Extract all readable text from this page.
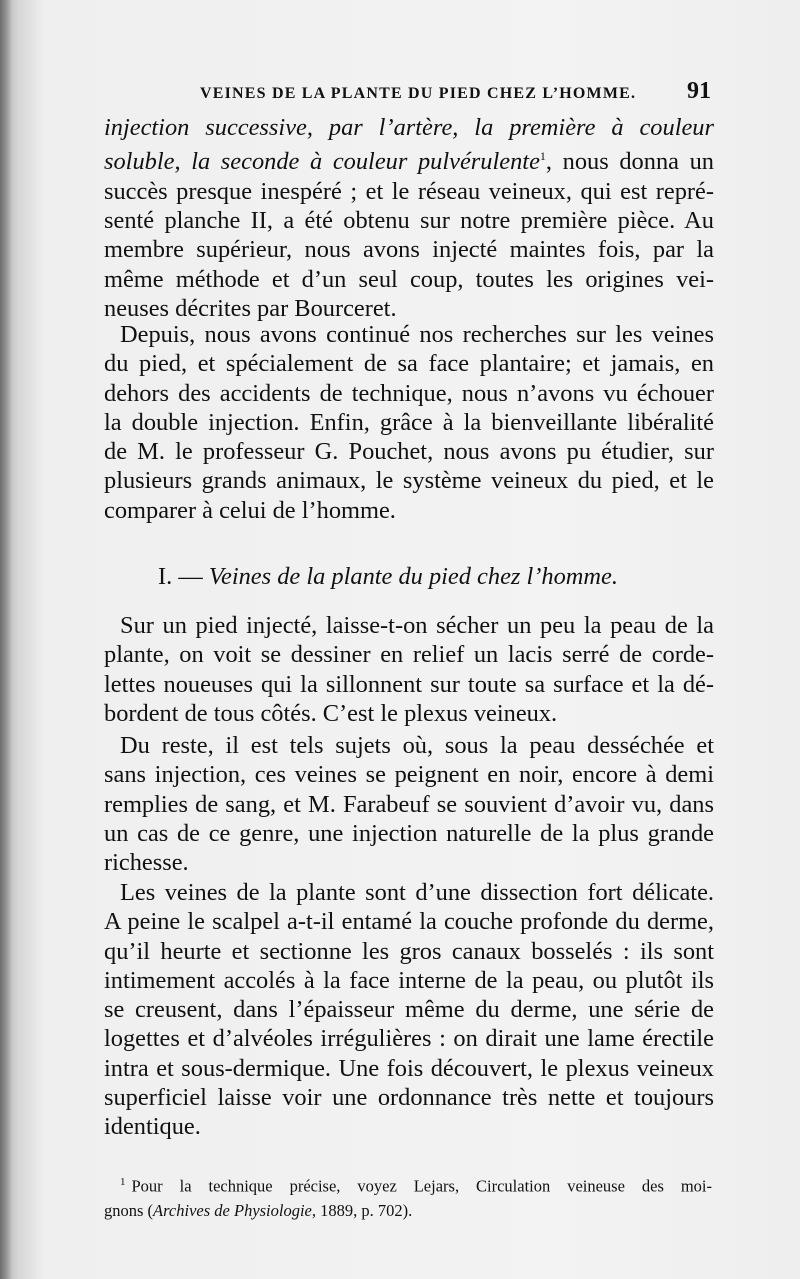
VEINES DE LA PLANTE DU PIED CHEZ L’HOMME. 91
injection successive, par l’artère, la première à couleur
soluble, la seconde à couleur pulvérulente$^1$, nous donna un
succès presque inespéré ; et le réseau veineux, qui est repré-
senté planche II, a été obtenu sur notre première pièce. Au
membre supérieur, nous avons injecté maintes fois, par la
même méthode et d’un seul coup, toutes les origines vei-
neuses décrites par Bourceret.
Depuis, nous avons continué nos recherches sur les veines
du pied, et spécialement de sa face plantaire; et jamais, en
dehors des accidents de technique, nous n’avons vu échouer
la double injection. Enfin, grâce à la bienveillante libéralité
de M. le professeur G. Pouchet, nous avons pu étudier, sur
plusieurs grands animaux, le système veineux du pied, et le
comparer à celui de l’homme.
I. — Veines de la plante du pied chez l’homme.
Sur un pied injecté, laisse-t-on sécher un peu la peau de la
plante, on voit se dessiner en relief un lacis serré de corde-
lettes noueuses qui la sillonnent sur toute sa surface et la dé-
bordent de tous côtés. C’est le plexus veineux.
Du reste, il est tels sujets où, sous la peau desséchée et
sans injection, ces veines se peignent en noir, encore à demi
remplies de sang, et M. Farabeuf se souvient d’avoir vu, dans
un cas de ce genre, une injection naturelle de la plus grande
richesse.
Les veines de la plante sont d’une dissection fort délicate.
A peine le scalpel a-t-il entamé la couche profonde du derme,
qu’il heurte et sectionne les gros canaux bosselés : ils sont
intimement accolés à la face interne de la peau, ou plutôt ils
se creusent, dans l’épaisseur même du derme, une série de
logettes et d’alvéoles irrégulières : on dirait une lame érectile
intra et sous-dermique. Une fois découvert, le plexus veineux
superficiel laisse voir une ordonnance très nette et toujours
identique.
$^1$ Pour la technique précise, voyez Lejars, Circulation veineuse des moi-
gnons (Archives de Physiologie, 1889, p. 702).
